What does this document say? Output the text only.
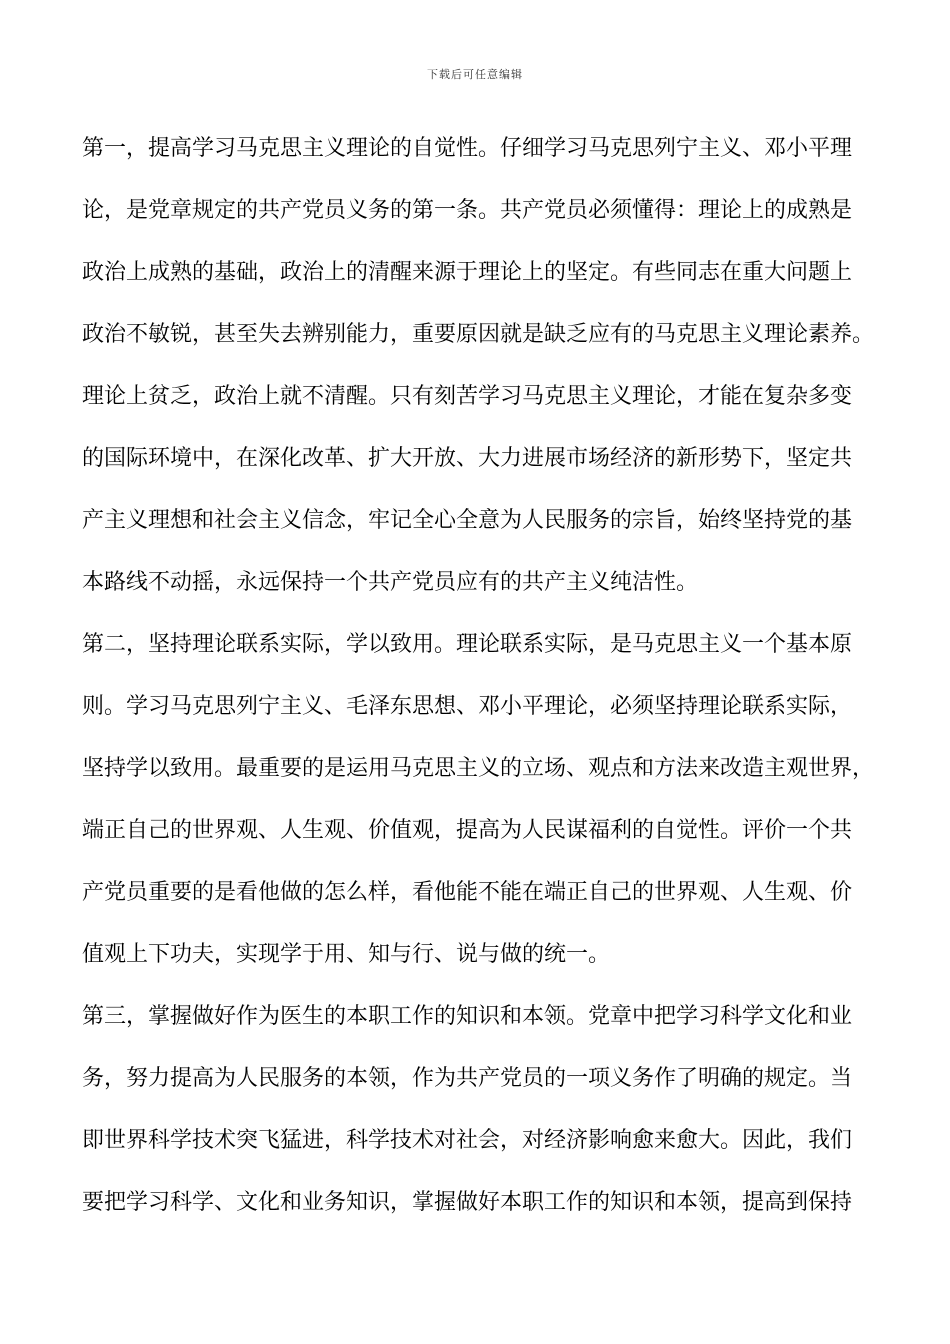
下载后可任意编辑
第一，提高学习马克思主义理论的自觉性。仔细学习马克思列宁主义、邓小平理
论，是党章规定的共产党员义务的第一条。共产党员必须懂得：理论上的成熟是
政治上成熟的基础，政治上的清醒来源于理论上的坚定。有些同志在重大问题上
政治不敏锐，甚至失去辨别能力，重要原因就是缺乏应有的马克思主义理论素养。
理论上贫乏，政治上就不清醒。只有刻苦学习马克思主义理论，才能在复杂多变
的国际环境中，在深化改革、扩大开放、大力进展市场经济的新形势下，坚定共
产主义理想和社会主义信念，牢记全心全意为人民服务的宗旨，始终坚持党的基
本路线不动摇，永远保持一个共产党员应有的共产主义纯洁性。
第二，坚持理论联系实际，学以致用。理论联系实际，是马克思主义一个基本原
则。学习马克思列宁主义、毛泽东思想、邓小平理论，必须坚持理论联系实际，
坚持学以致用。最重要的是运用马克思主义的立场、观点和方法来改造主观世界，
端正自己的世界观、人生观、价值观，提高为人民谋福利的自觉性。评价一个共
产党员重要的是看他做的怎么样，看他能不能在端正自己的世界观、人生观、价
值观上下功夫，实现学于用、知与行、说与做的统一。
第三，掌握做好作为医生的本职工作的知识和本领。党章中把学习科学文化和业
务，努力提高为人民服务的本领，作为共产党员的一项义务作了明确的规定。当
即世界科学技术突飞猛进，科学技术对社会，对经济影响愈来愈大。因此，我们
要把学习科学、文化和业务知识，掌握做好本职工作的知识和本领，提高到保持
